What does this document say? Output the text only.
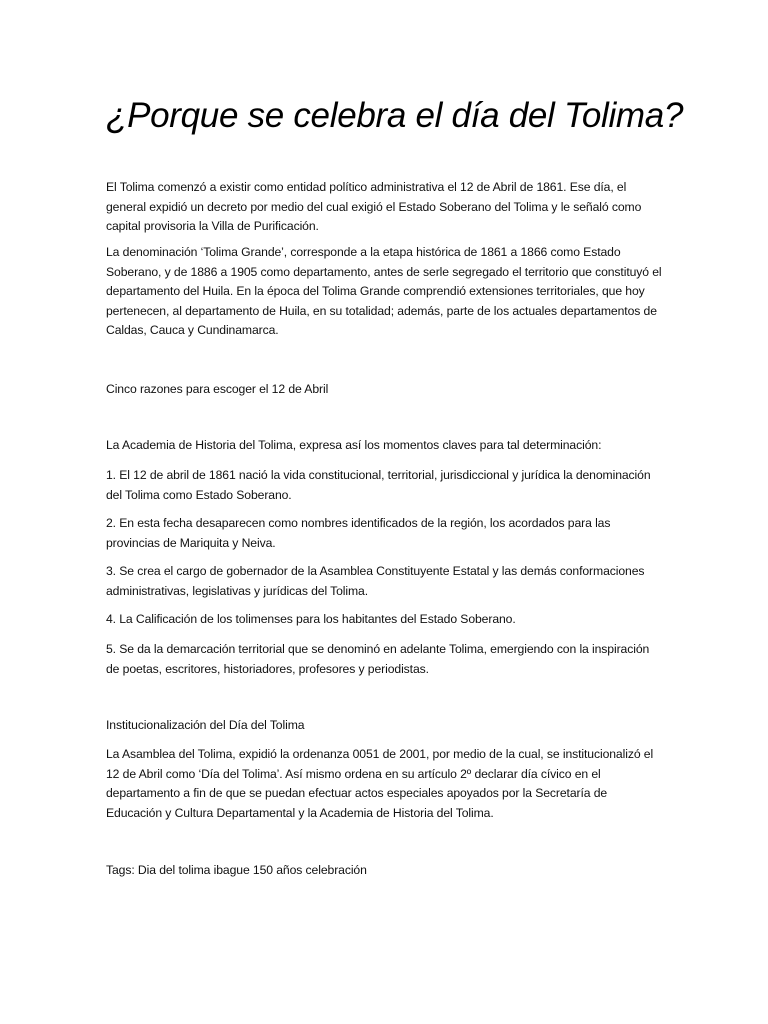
¿Porque se celebra el día del Tolima?

El Tolima comenzó a existir como entidad político administrativa el 12 de Abril de 1861. Ese día, el general expidió un decreto por medio del cual exigió el Estado Soberano del Tolima y le señaló como capital provisoria la Villa de Purificación.

La denominación ‘Tolima Grande’, corresponde a la etapa histórica de 1861 a 1866 como Estado Soberano, y de 1886 a 1905 como departamento, antes de serle segregado el territorio que constituyó el departamento del Huila. En la época del Tolima Grande comprendió extensiones territoriales, que hoy pertenecen, al departamento de Huila, en su totalidad; además, parte de los actuales departamentos de Caldas, Cauca y Cundinamarca.

Cinco razones para escoger el 12 de Abril

La Academia de Historia del Tolima, expresa así los momentos claves para tal determinación:

1. El 12 de abril de 1861 nació la vida constitucional, territorial, jurisdiccional y jurídica la denominación del Tolima como Estado Soberano.

2. En esta fecha desaparecen como nombres identificados de la región, los acordados para las provincias de Mariquita y Neiva.

3. Se crea el cargo de gobernador de la Asamblea Constituyente Estatal y las demás conformaciones administrativas, legislativas y jurídicas del Tolima.

4. La Calificación de los tolimenses para los habitantes del Estado Soberano.

5. Se da la demarcación territorial que se denominó en adelante Tolima, emergiendo con la inspiración de poetas, escritores, historiadores, profesores y periodistas.

Institucionalización del Día del Tolima

La Asamblea del Tolima, expidió la ordenanza 0051 de 2001, por medio de la cual, se institucionalizó el 12 de Abril como ‘Día del Tolima’. Así mismo ordena en su artículo 2º declarar día cívico en el departamento a fin de que se puedan efectuar actos especiales apoyados por la Secretaría de Educación y Cultura Departamental y la Academia de Historia del Tolima.

Tags: Dia del tolima ibague 150 años celebración
